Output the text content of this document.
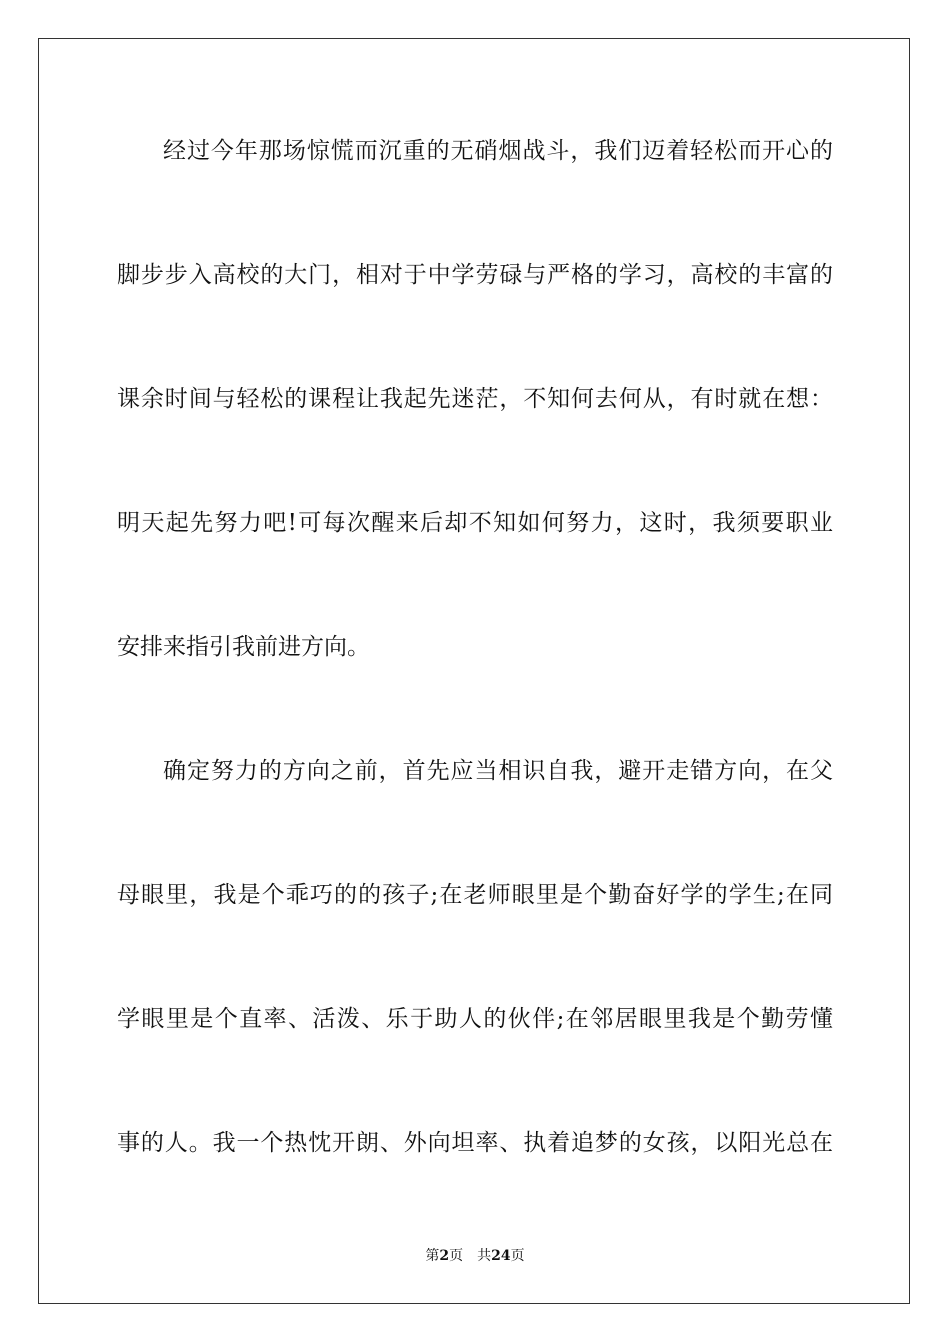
经过今年那场惊慌而沉重的无硝烟战斗，我们迈着轻松而开心的
脚步步入高校的大门，相对于中学劳碌与严格的学习，高校的丰富的
课余时间与轻松的课程让我起先迷茫，不知何去何从，有时就在想：
明天起先努力吧!可每次醒来后却不知如何努力，这时，我须要职业
安排来指引我前进方向。
确定努力的方向之前，首先应当相识自我，避开走错方向，在父
母眼里，我是个乖巧的的孩子;在老师眼里是个勤奋好学的学生;在同
学眼里是个直率、活泼、乐于助人的伙伴;在邻居眼里我是个勤劳懂
事的人。我一个热忱开朗、外向坦率、执着追梦的女孩，以阳光总在
第2页 共24页
